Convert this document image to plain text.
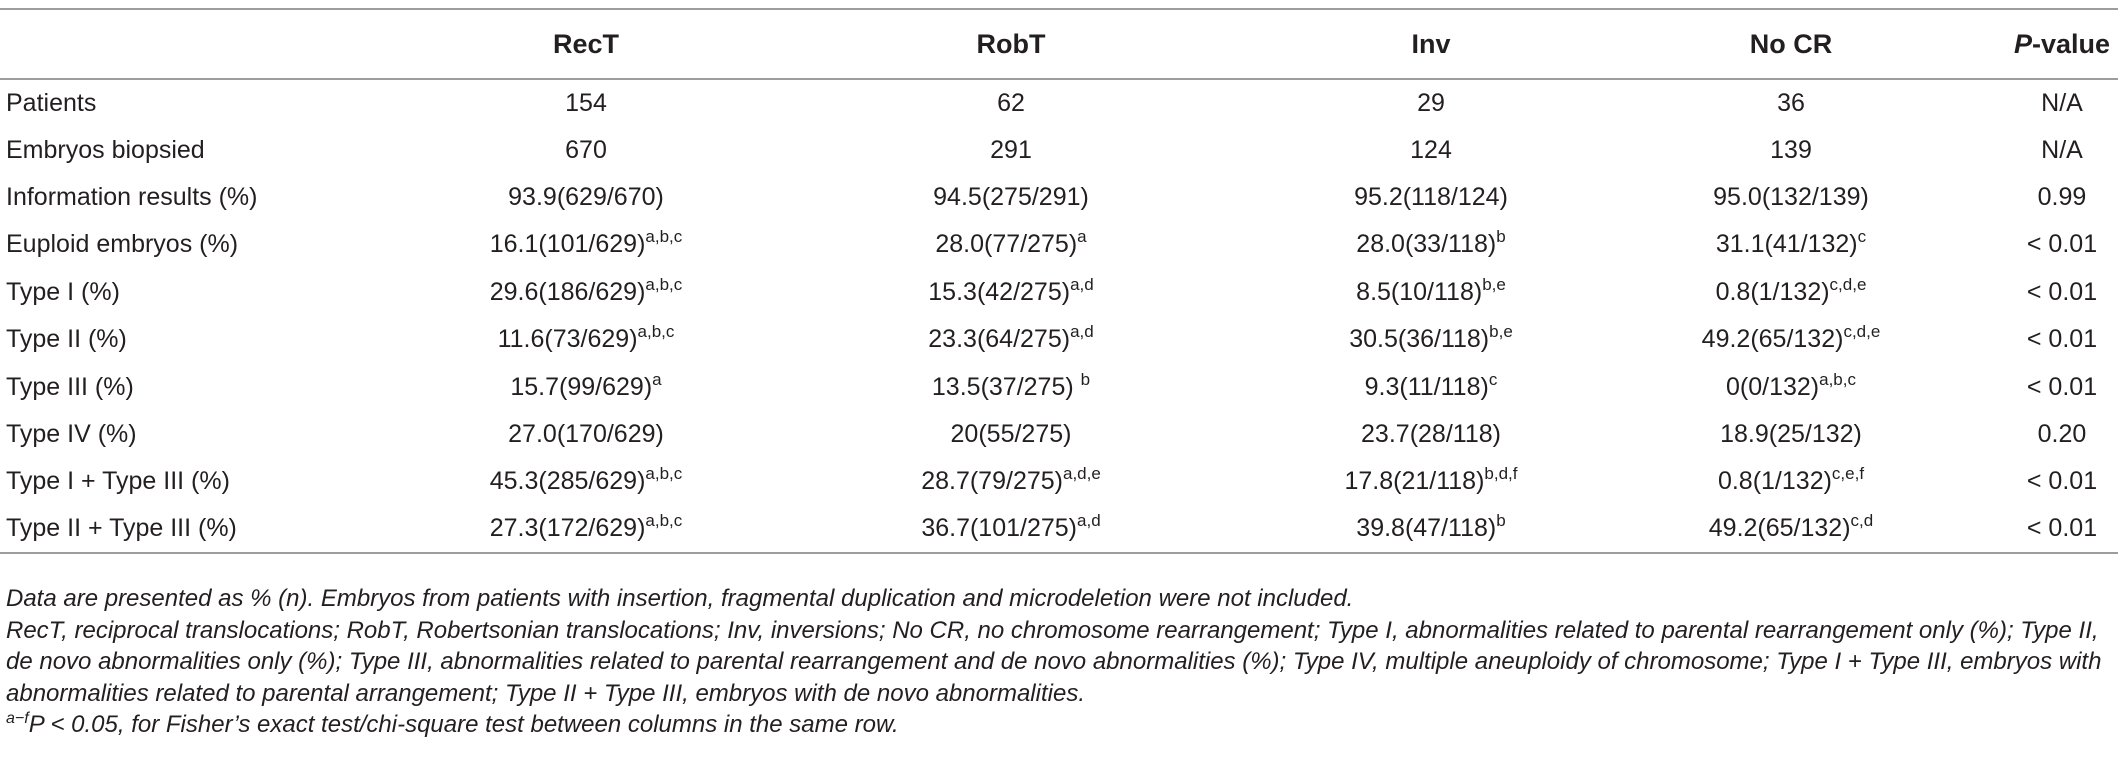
	RecT	RobT	Inv	No CR	P-value
Patients	154	62	29	36	N/A
Embryos biopsied	670	291	124	139	N/A
Information results (%)	93.9(629/670)	94.5(275/291)	95.2(118/124)	95.0(132/139)	0.99
Euploid embryos (%)	$16.1(101/629)^{a,b,c}$	$28.0(77/275)^a$	$28.0(33/118)^b$	$31.1(41/132)^c$	< 0.01
Type I (%)	$29.6(186/629)^{a,b,c}$	$15.3(42/275)^{a,d}$	$8.5(10/118)^{b,e}$	$0.8(1/132)^{c,d,e}$	< 0.01
Type II (%)	$11.6(73/629)^{a,b,c}$	$23.3(64/275)^{a,d}$	$30.5(36/118)^{b,e}$	$49.2(65/132)^{c,d,e}$	< 0.01
Type III (%)	$15.7(99/629)^a$	13.5(37/275) $^b$	$9.3(11/118)^c$	$0(0/132)^{a,b,c}$	< 0.01
Type IV (%)	27.0(170/629)	20(55/275)	23.7(28/118)	18.9(25/132)	0.20
Type I + Type III (%)	$45.3(285/629)^{a,b,c}$	$28.7(79/275)^{a,d,e}$	$17.8(21/118)^{b,d,f}$	$0.8(1/132)^{c,e,f}$	< 0.01
Type II + Type III (%)	$27.3(172/629)^{a,b,c}$	$36.7(101/275)^{a,d}$	$39.8(47/118)^b$	$49.2(65/132)^{c,d}$	< 0.01

Data are presented as % (n). Embryos from patients with insertion, fragmental duplication and microdeletion were not included.

RecT, reciprocal translocations; RobT, Robertsonian translocations; Inv, inversions; No CR, no chromosome rearrangement; Type I, abnormalities related to parental rearrangement only (%); Type II, de novo abnormalities only (%); Type III, abnormalities related to parental rearrangement and de novo abnormalities (%); Type IV, multiple aneuploidy of chromosome; Type I + Type III, embryos with abnormalities related to parental arrangement; Type II + Type III, embryos with de novo abnormalities.

$^{a-f}$P < 0.05, for Fisher’s exact test/chi-square test between columns in the same row.
